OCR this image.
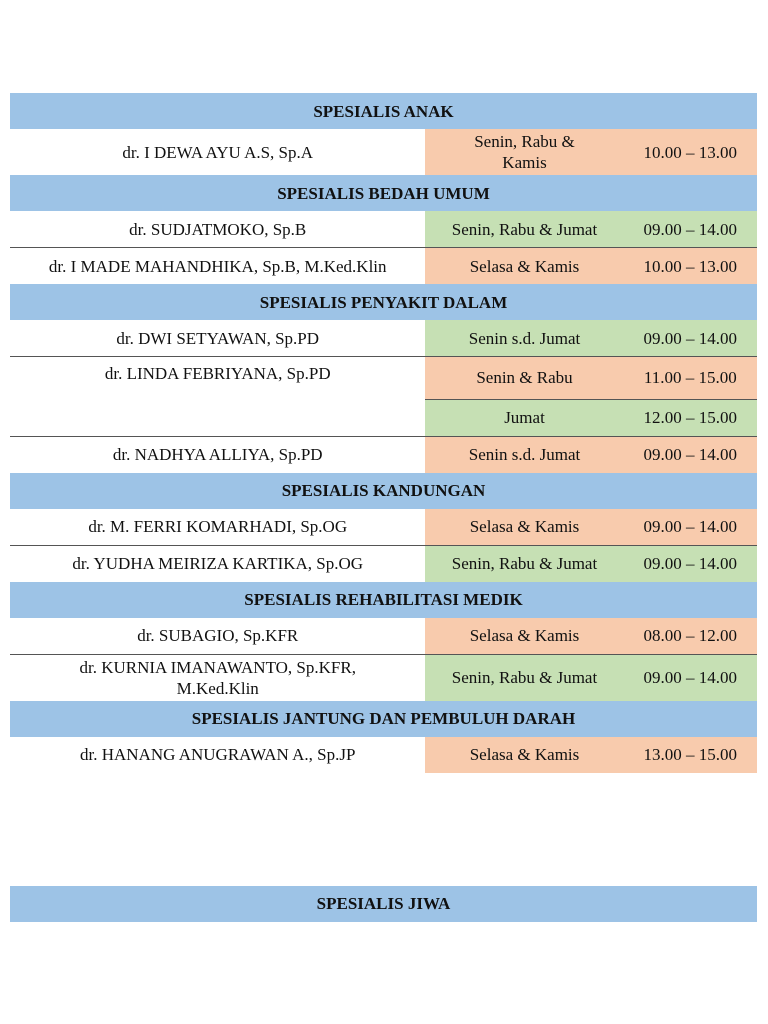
SPESIALIS ANAK		
dr. I DEWA AYU A.S, Sp.A	Senin, Rabu & Kamis	10.00 – 13.00
SPESIALIS BEDAH UMUM		
dr. SUDJATMOKO, Sp.B	Senin, Rabu & Jumat	09.00 – 14.00
dr. I MADE MAHANDHIKA, Sp.B, M.Ked.Klin	Selasa & Kamis	10.00 – 13.00
SPESIALIS PENYAKIT DALAM		
dr. DWI SETYAWAN, Sp.PD	Senin s.d. Jumat	09.00 – 14.00
dr. LINDA FEBRIYANA, Sp.PD	Senin & Rabu	11.00 – 15.00
	Jumat	12.00 – 15.00
dr. NADHYA ALLIYA, Sp.PD	Senin s.d. Jumat	09.00 – 14.00
SPESIALIS KANDUNGAN		
dr. M. FERRI KOMARHADI, Sp.OG	Selasa & Kamis	09.00 – 14.00
dr. YUDHA MEIRIZA KARTIKA, Sp.OG	Senin, Rabu & Jumat	09.00 – 14.00
SPESIALIS REHABILITASI MEDIK		
dr. SUBAGIO, Sp.KFR	Selasa & Kamis	08.00 – 12.00
dr. KURNIA IMANAWANTO, Sp.KFR, M.Ked.Klin	Senin, Rabu & Jumat	09.00 – 14.00
SPESIALIS JANTUNG DAN PEMBULUH DARAH		
dr. HANANG ANUGRAWAN A., Sp.JP	Selasa & Kamis	13.00 – 15.00
SPESIALIS JIWA
